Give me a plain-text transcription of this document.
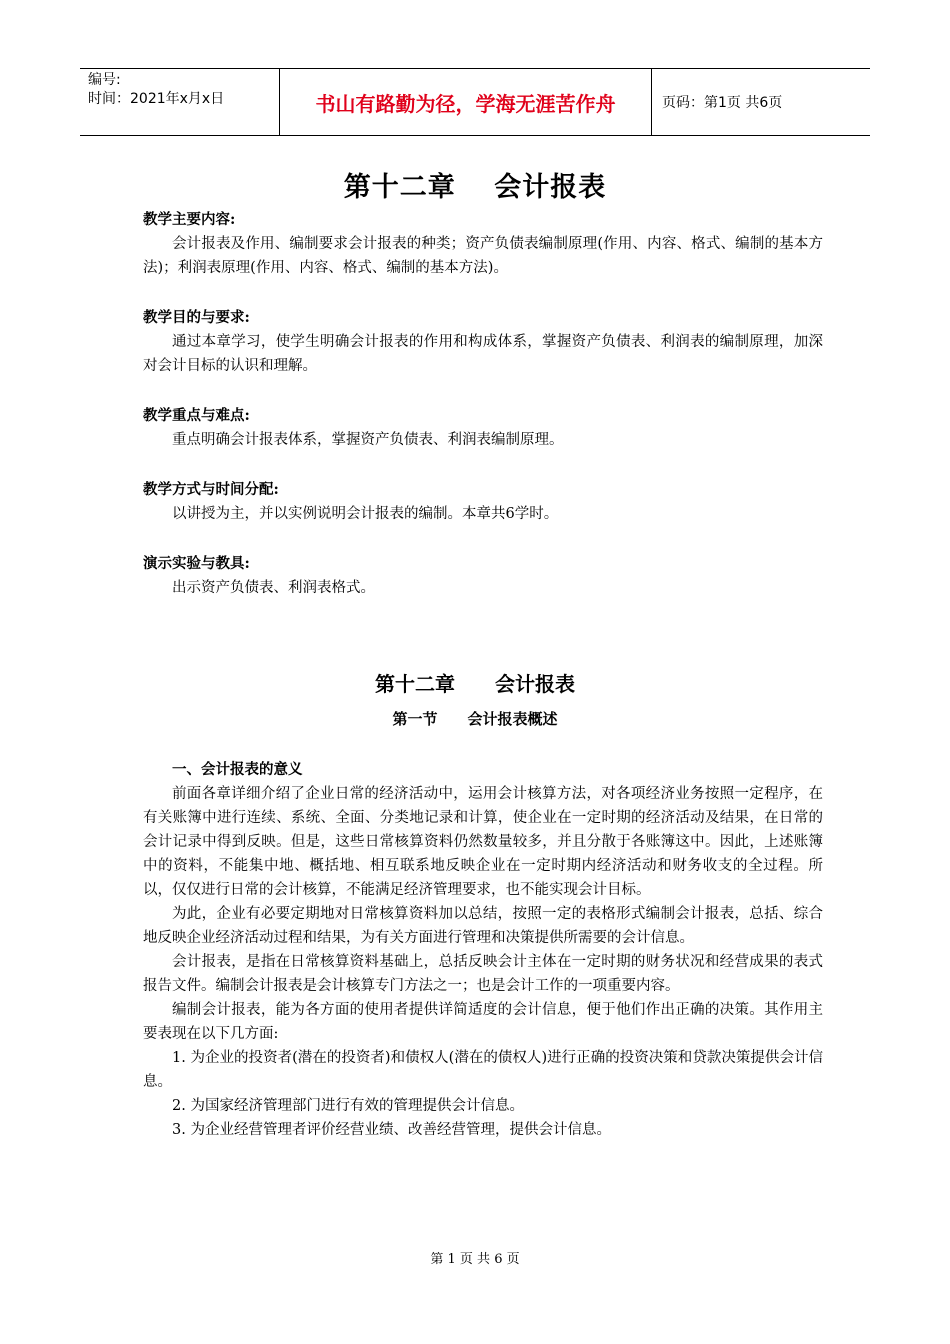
编号:
时间：2021年x月x日	书山有路勤为径，学海无涯苦作舟	页码：第1页 共6页
第十二章　 会计报表

教学主要内容:

会计报表及作用、编制要求会计报表的种类；资产负债表编制原理(作用、内容、格式、编制的基本方法)；利润表原理(作用、内容、格式、编制的基本方法)。

教学目的与要求:

通过本章学习，使学生明确会计报表的作用和构成体系，掌握资产负债表、利润表的编制原理，加深对会计目标的认识和理解。

教学重点与难点:

重点明确会计报表体系，掌握资产负债表、利润表编制原理。

教学方式与时间分配:

以讲授为主，并以实例说明会计报表的编制。本章共6学时。

演示实验与教具:

出示资产负债表、利润表格式。

第十二章　　会计报表
第一节　　会计报表概述

一、会计报表的意义

前面各章详细介绍了企业日常的经济活动中，运用会计核算方法，对各项经济业务按照一定程序，在有关账簿中进行连续、系统、全面、分类地记录和计算，使企业在一定时期的经济活动及结果，在日常的会计记录中得到反映。但是，这些日常核算资料仍然数量较多，并且分散于各账簿这中。因此，上述账簿中的资料，不能集中地、概括地、相互联系地反映企业在一定时期内经济活动和财务收支的全过程。所以，仅仅进行日常的会计核算，不能满足经济管理要求，也不能实现会计目标。

为此，企业有必要定期地对日常核算资料加以总结，按照一定的表格形式编制会计报表，总括、综合地反映企业经济活动过程和结果，为有关方面进行管理和决策提供所需要的会计信息。

会计报表，是指在日常核算资料基础上，总括反映会计主体在一定时期的财务状况和经营成果的表式报告文件。编制会计报表是会计核算专门方法之一；也是会计工作的一项重要内容。

编制会计报表，能为各方面的使用者提供详简适度的会计信息，便于他们作出正确的决策。其作用主要表现在以下几方面:

1. 为企业的投资者(潜在的投资者)和债权人(潜在的债权人)进行正确的投资决策和贷款决策提供会计信息。

2. 为国家经济管理部门进行有效的管理提供会计信息。

3. 为企业经营管理者评价经营业绩、改善经营管理，提供会计信息。

第 1 页 共 6 页
